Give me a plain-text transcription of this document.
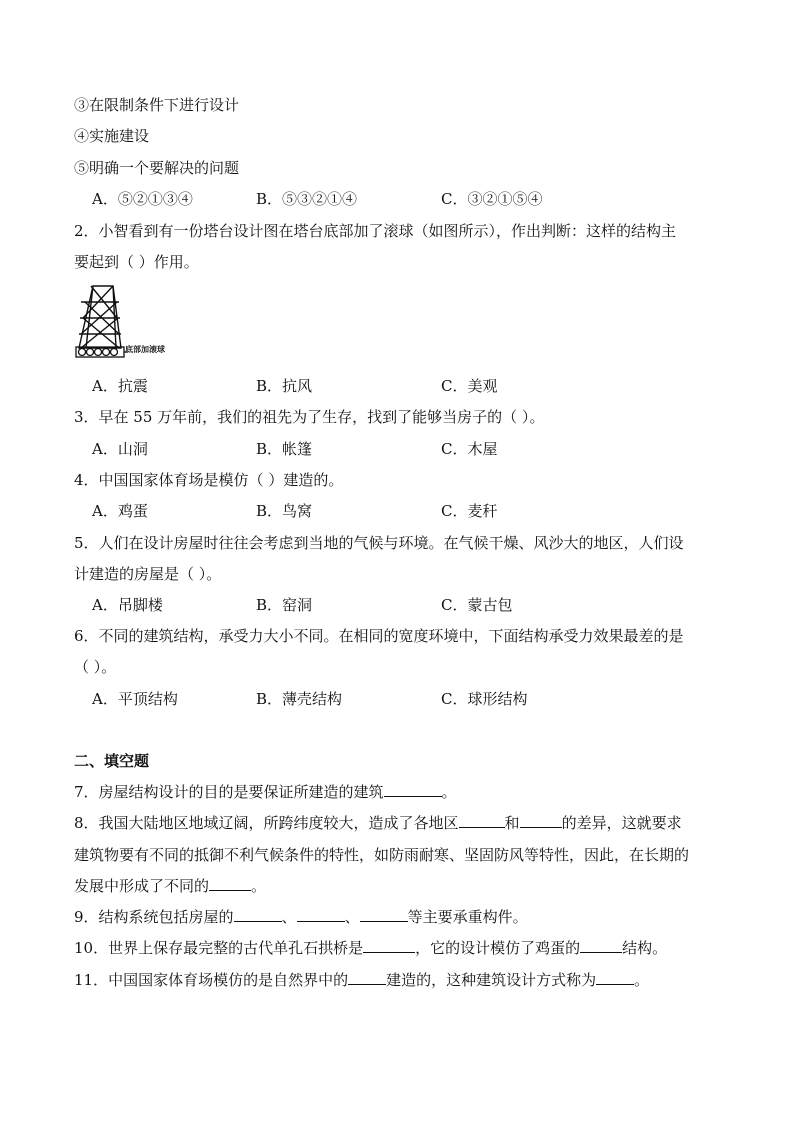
③在限制条件下进行设计
④实施建设
⑤明确一个要解决的问题
A．⑤②①③④	B．⑤③②①④	C．③②①⑤④
2．小智看到有一份塔台设计图在塔台底部加了滚球（如图所示），作出判断：这样的结构主
要起到（ ）作用。
底部加滚球
A．抗震	B．抗风	C．美观
3．早在 55 万年前，我们的祖先为了生存，找到了能够当房子的（ ）。
A．山洞	B．帐篷	C．木屋
4．中国国家体育场是模仿（ ）建造的。
A．鸡蛋	B．鸟窝	C．麦秆
5．人们在设计房屋时往往会考虑到当地的气候与环境。在气候干燥、风沙大的地区，人们设
计建造的房屋是（ ）。
A．吊脚楼	B．窑洞	C．蒙古包
6．不同的建筑结构，承受力大小不同。在相同的宽度环境中，下面结构承受力效果最差的是
（ ）。
A．平顶结构	B．薄壳结构	C．球形结构
二、填空题
7．房屋结构设计的目的是要保证所建造的建筑	。
8．我国大陆地区地域辽阔，所跨纬度较大，造成了各地区	和	的差异，这就要求
建筑物要有不同的抵御不利气候条件的特性，如防雨耐寒、坚固防风等特性，因此，在长期的
发展中形成了不同的	。
9．结构系统包括房屋的	、	、	等主要承重构件。
10．世界上保存最完整的古代单孔石拱桥是	，它的设计模仿了鸡蛋的	结构。
11．中国国家体育场模仿的是自然界中的	建造的，这种建筑设计方式称为	。
